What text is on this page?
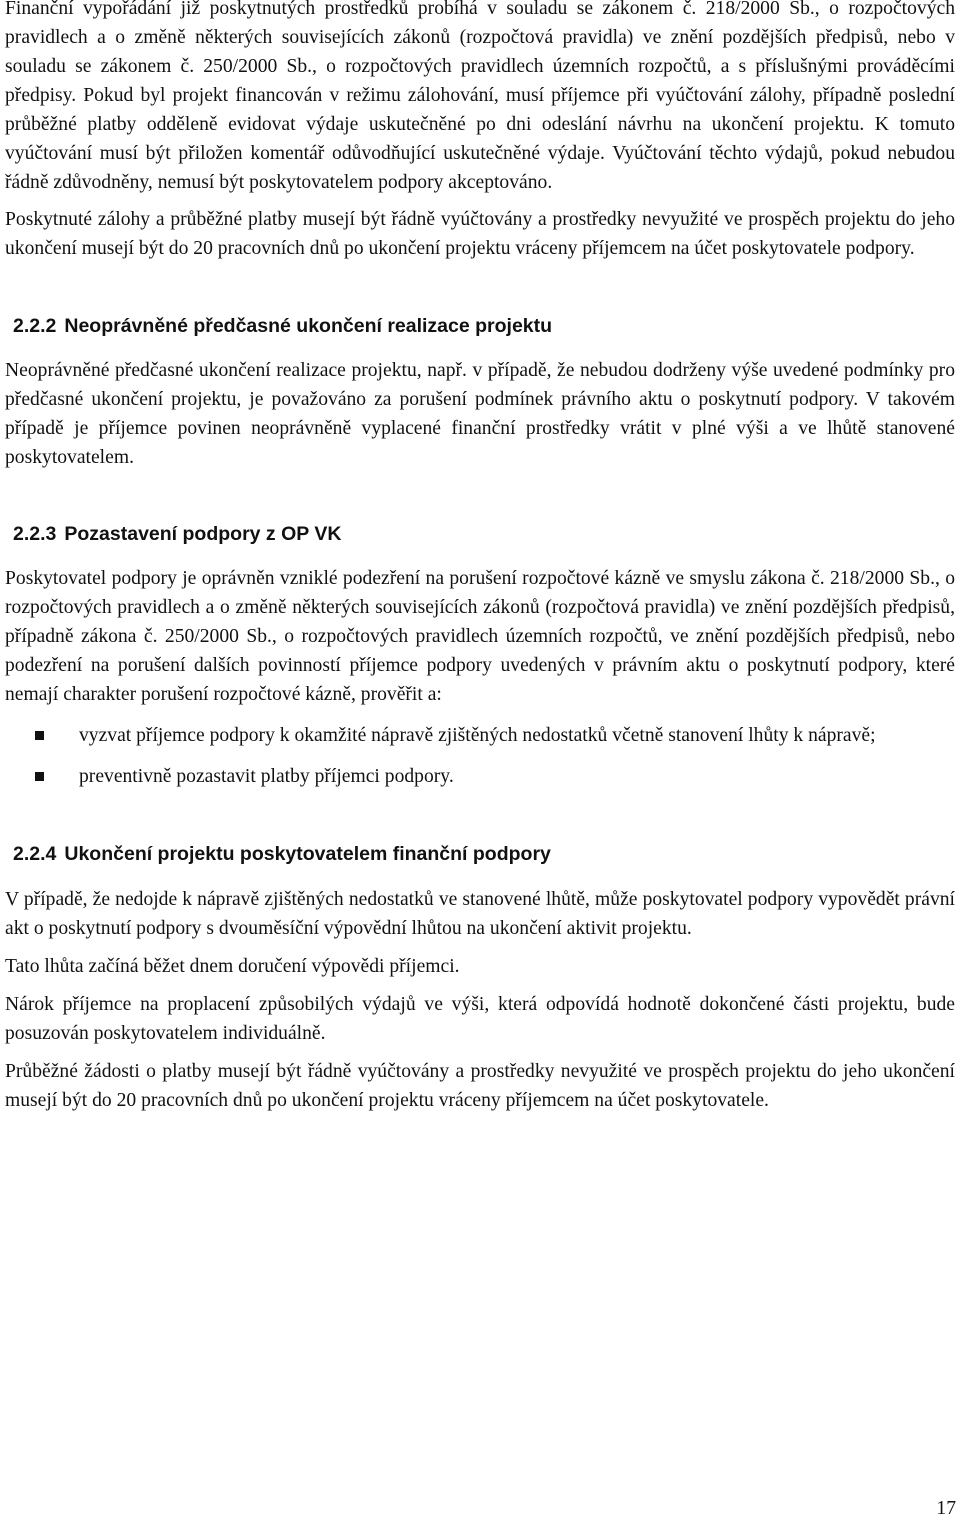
Finanční vypořádání již poskytnutých prostředků probíhá v souladu se zákonem č. 218/2000 Sb., o rozpočtových pravidlech a o změně některých souvisejících zákonů (rozpočtová pravidla) ve znění pozdějších předpisů, nebo v souladu se zákonem č. 250/2000 Sb., o rozpočtových pravidlech územních rozpočtů, a s příslušnými prováděcími předpisy. Pokud byl projekt financován v režimu zálohování, musí příjemce při vyúčtování zálohy, případně poslední průběžné platby odděleně evidovat výdaje uskutečněné po dni odeslání návrhu na ukončení projektu. K tomuto vyúčtování musí být přiložen komentář odůvodňující uskutečněné výdaje. Vyúčtování těchto výdajů, pokud nebudou řádně zdůvodněny, nemusí být poskytovatelem podpory akceptováno.

Poskytnuté zálohy a průběžné platby musejí být řádně vyúčtovány a prostředky nevyužité ve prospěch projektu do jeho ukončení musejí být do 20 pracovních dnů po ukončení projektu vráceny příjemcem na účet poskytovatele podpory.

2.2.2 Neoprávněné předčasné ukončení realizace projektu

Neoprávněné předčasné ukončení realizace projektu, např. v případě, že nebudou dodrženy výše uvedené podmínky pro předčasné ukončení projektu, je považováno za porušení podmínek právního aktu o poskytnutí podpory. V takovém případě je příjemce povinen neoprávněně vyplacené finanční prostředky vrátit v plné výši a ve lhůtě stanovené poskytovatelem.

2.2.3 Pozastavení podpory z OP VK

Poskytovatel podpory je oprávněn vzniklé podezření na porušení rozpočtové kázně ve smyslu zákona č. 218/2000 Sb., o rozpočtových pravidlech a o změně některých souvisejících zákonů (rozpočtová pravidla) ve znění pozdějších předpisů, případně zákona č. 250/2000 Sb., o rozpočtových pravidlech územních rozpočtů, ve znění pozdějších předpisů, nebo podezření na porušení dalších povinností příjemce podpory uvedených v právním aktu o poskytnutí podpory, které nemají charakter porušení rozpočtové kázně, prověřit a:

vyzvat příjemce podpory k okamžité nápravě zjištěných nedostatků včetně stanovení lhůty k nápravě;
preventivně pozastavit platby příjemci podpory.
2.2.4 Ukončení projektu poskytovatelem finanční podpory

V případě, že nedojde k nápravě zjištěných nedostatků ve stanovené lhůtě, může poskytovatel podpory vypovědět právní akt o poskytnutí podpory s dvouměsíční výpovědní lhůtou na ukončení aktivit projektu.

Tato lhůta začíná běžet dnem doručení výpovědi příjemci.

Nárok příjemce na proplacení způsobilých výdajů ve výši, která odpovídá hodnotě dokončené části projektu, bude posuzován poskytovatelem individuálně.

Průběžné žádosti o platby musejí být řádně vyúčtovány a prostředky nevyužité ve prospěch projektu do jeho ukončení musejí být do 20 pracovních dnů po ukončení projektu vráceny příjemcem na účet poskytovatele.

17
